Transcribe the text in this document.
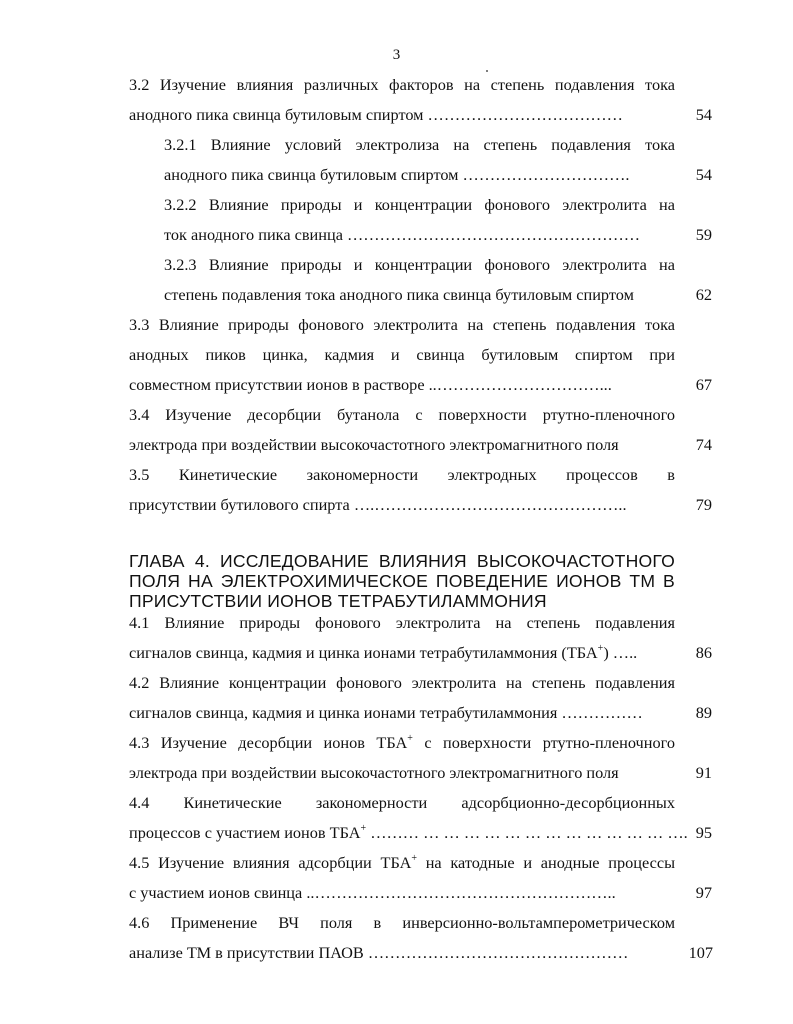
3
3.2 Изучение влияния различных факторов на степень подавления тока
анодного пика свинца бутиловым спиртом ………………………………	54
3.2.1 Влияние условий электролиза на степень подавления тока
анодного пика свинца бутиловым спиртом ………………………….	54
3.2.2 Влияние природы и концентрации фонового электролита на
ток анодного пика свинца ………………………………………………	59
3.2.3 Влияние природы и концентрации фонового электролита на
степень подавления тока анодного пика свинца бутиловым спиртом	62
3.3 Влияние природы фонового электролита на степень подавления тока
анодных пиков цинка, кадмия и свинца бутиловым спиртом при
совместном присутствии ионов в растворе ..…………………………...	67
3.4 Изучение десорбции бутанола с поверхности ртутно-пленочного
электрода при воздействии высокочастотного электромагнитного поля	74
3.5 Кинетические закономерности электродных процессов в
присутствии бутилового спирта ….………………………………………..	79
ГЛАВА 4. ИССЛЕДОВАНИЕ ВЛИЯНИЯ ВЫСОКОЧАСТОТНОГО
ПОЛЯ НА ЭЛЕКТРОХИМИЧЕСКОЕ ПОВЕДЕНИЕ ИОНОВ ТМ В
ПРИСУТСТВИИ ИОНОВ ТЕТРАБУТИЛАММОНИЯ
4.1 Влияние природы фонового электролита на степень подавления
сигналов свинца, кадмия и цинка ионами тетрабутиламмония (ТБА+) …..	86
4.2 Влияние концентрации фонового электролита на степень подавления
сигналов свинца, кадмия и цинка ионами тетрабутиламмония ……………	89
4.3 Изучение десорбции ионов ТБА+ с поверхности ртутно-пленочного
электрода при воздействии высокочастотного электромагнитного поля	91
4.4 Кинетические закономерности адсорбционно-десорбционных
процессов с участием ионов ТБА+ ……… … … … … … … … … … … … … …. 95
4.5 Изучение влияния адсорбции ТБА+ на катодные и анодные процессы
с участием ионов свинца ..………………………………………………..	97
4.6 Применение ВЧ поля в инверсионно-вольтамперометрическом
анализе ТМ в присутствии ПАОВ …………………………………………	107
